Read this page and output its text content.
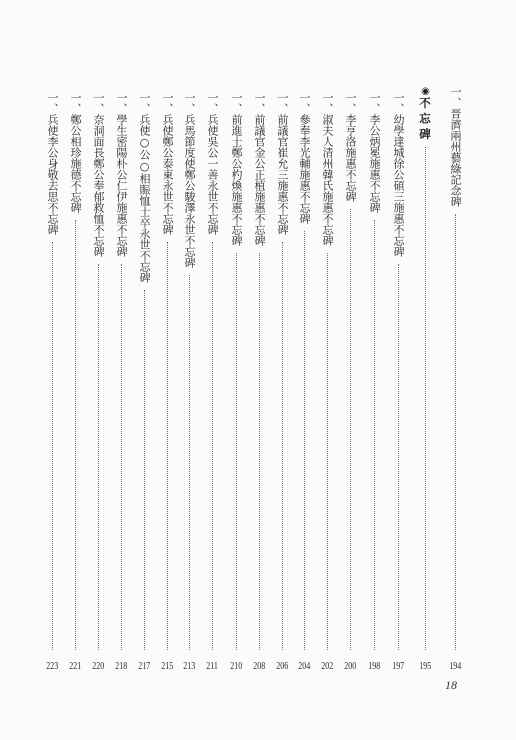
一、晋濟兩州藝綠記念碑
194
◉不 忘 碑
195
一、幼學達城徐公碩三施惠不忘碑
197
一、李公炳冕施惠不忘碑
198
一、李亨洛施惠不忘碑
200
一、淑夫人清州韓氏施惠不忘碑
202
一、參奉李光輔施惠不忘碑
204
一、前議官崔允三施惠不忘碑
206
一、前議官金公正植施惠不忘碑
208
一、前進士鄭公杓煥施惠不忘碑
210
一、兵使吳公一善永世不忘碑
211
一、兵馬節度使鄭公駿澤永世不忘碑
213
一、兵使鄭公泰東永世不忘碑
215
一、兵使○公○相賑恤士卒永世不忘碑
217
一、學生密陽朴公仁伊施惠不忘碑
218
一、奈洞面長鄭公奉郁救恤不忘碑
220
一、鄭公相珍施德不忘碑
221
一、兵使李公身敬去思不忘碑
223
18
